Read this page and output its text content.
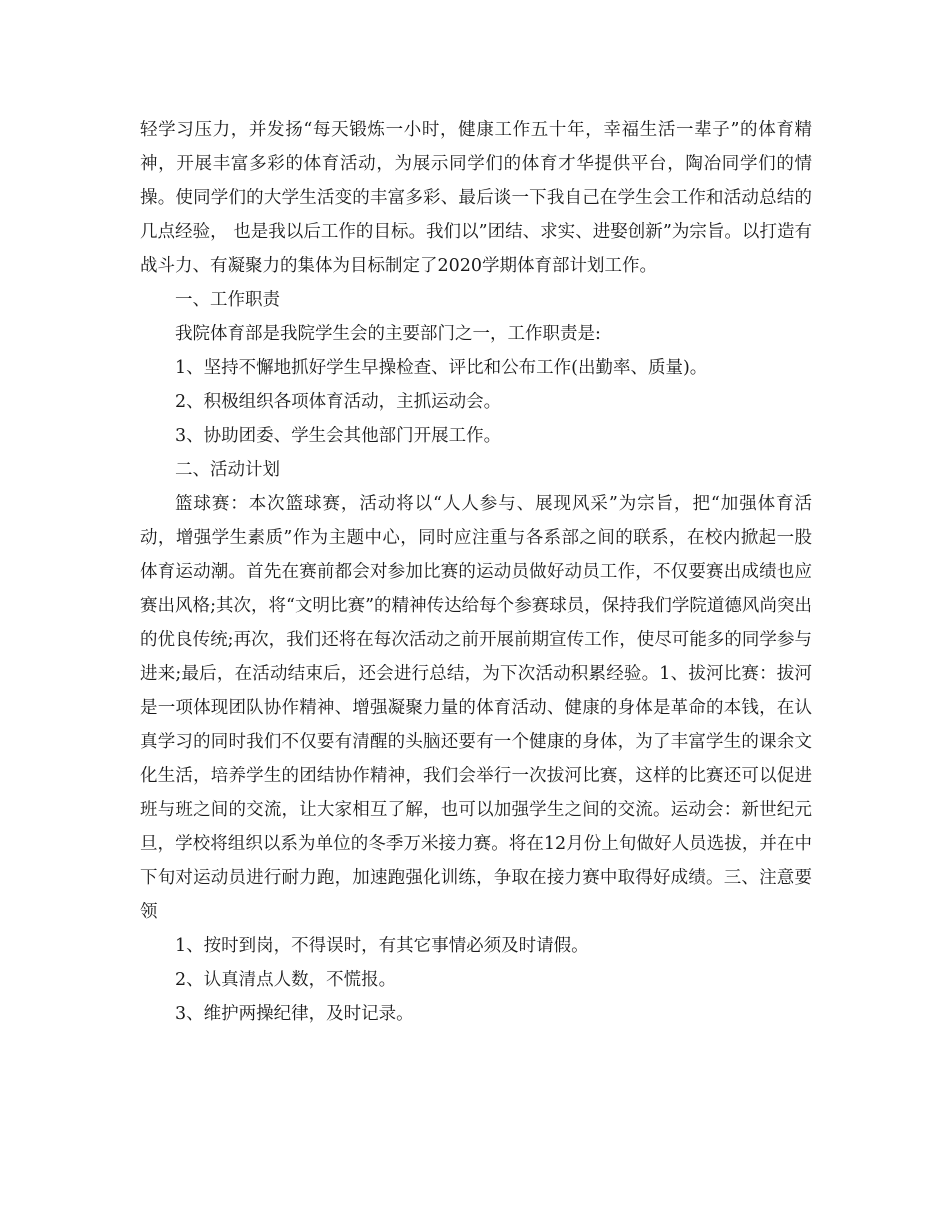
轻学习压力，并发扬“每天锻炼一小时，健康工作五十年，幸福生活一辈子”的体育精神，开展丰富多彩的体育活动，为展示同学们的体育才华提供平台，陶冶同学们的情操。使同学们的大学生活变的丰富多彩、最后谈一下我自己在学生会工作和活动总结的几点经验， 也是我以后工作的目标。我们以”团结、求实、进娶创新”为宗旨。以打造有战斗力、有凝聚力的集体为目标制定了2020学期体育部计划工作。

一、工作职责

我院体育部是我院学生会的主要部门之一，工作职责是:

1、坚持不懈地抓好学生早操检查、评比和公布工作(出勤率、质量)。

2、积极组织各项体育活动，主抓运动会。

3、协助团委、学生会其他部门开展工作。

二、活动计划

篮球赛：本次篮球赛，活动将以“人人参与、展现风采”为宗旨，把“加强体育活动，增强学生素质”作为主题中心，同时应注重与各系部之间的联系，在校内掀起一股体育运动潮。首先在赛前都会对参加比赛的运动员做好动员工作，不仅要赛出成绩也应赛出风格;其次，将“文明比赛”的精神传达给每个参赛球员，保持我们学院道德风尚突出的优良传统;再次，我们还将在每次活动之前开展前期宣传工作，使尽可能多的同学参与进来;最后，在活动结束后，还会进行总结，为下次活动积累经验。1、拔河比赛：拔河是一项体现团队协作精神、增强凝聚力量的体育活动、健康的身体是革命的本钱，在认真学习的同时我们不仅要有清醒的头脑还要有一个健康的身体，为了丰富学生的课余文化生活，培养学生的团结协作精神，我们会举行一次拔河比赛，这样的比赛还可以促进班与班之间的交流，让大家相互了解，也可以加强学生之间的交流。运动会：新世纪元旦，学校将组织以系为单位的冬季万米接力赛。将在12月份上旬做好人员选拔，并在中下旬对运动员进行耐力跑，加速跑强化训练，争取在接力赛中取得好成绩。三、注意要领

1、按时到岗，不得误时，有其它事情必须及时请假。

2、认真清点人数，不慌报。

3、维护两操纪律，及时记录。
